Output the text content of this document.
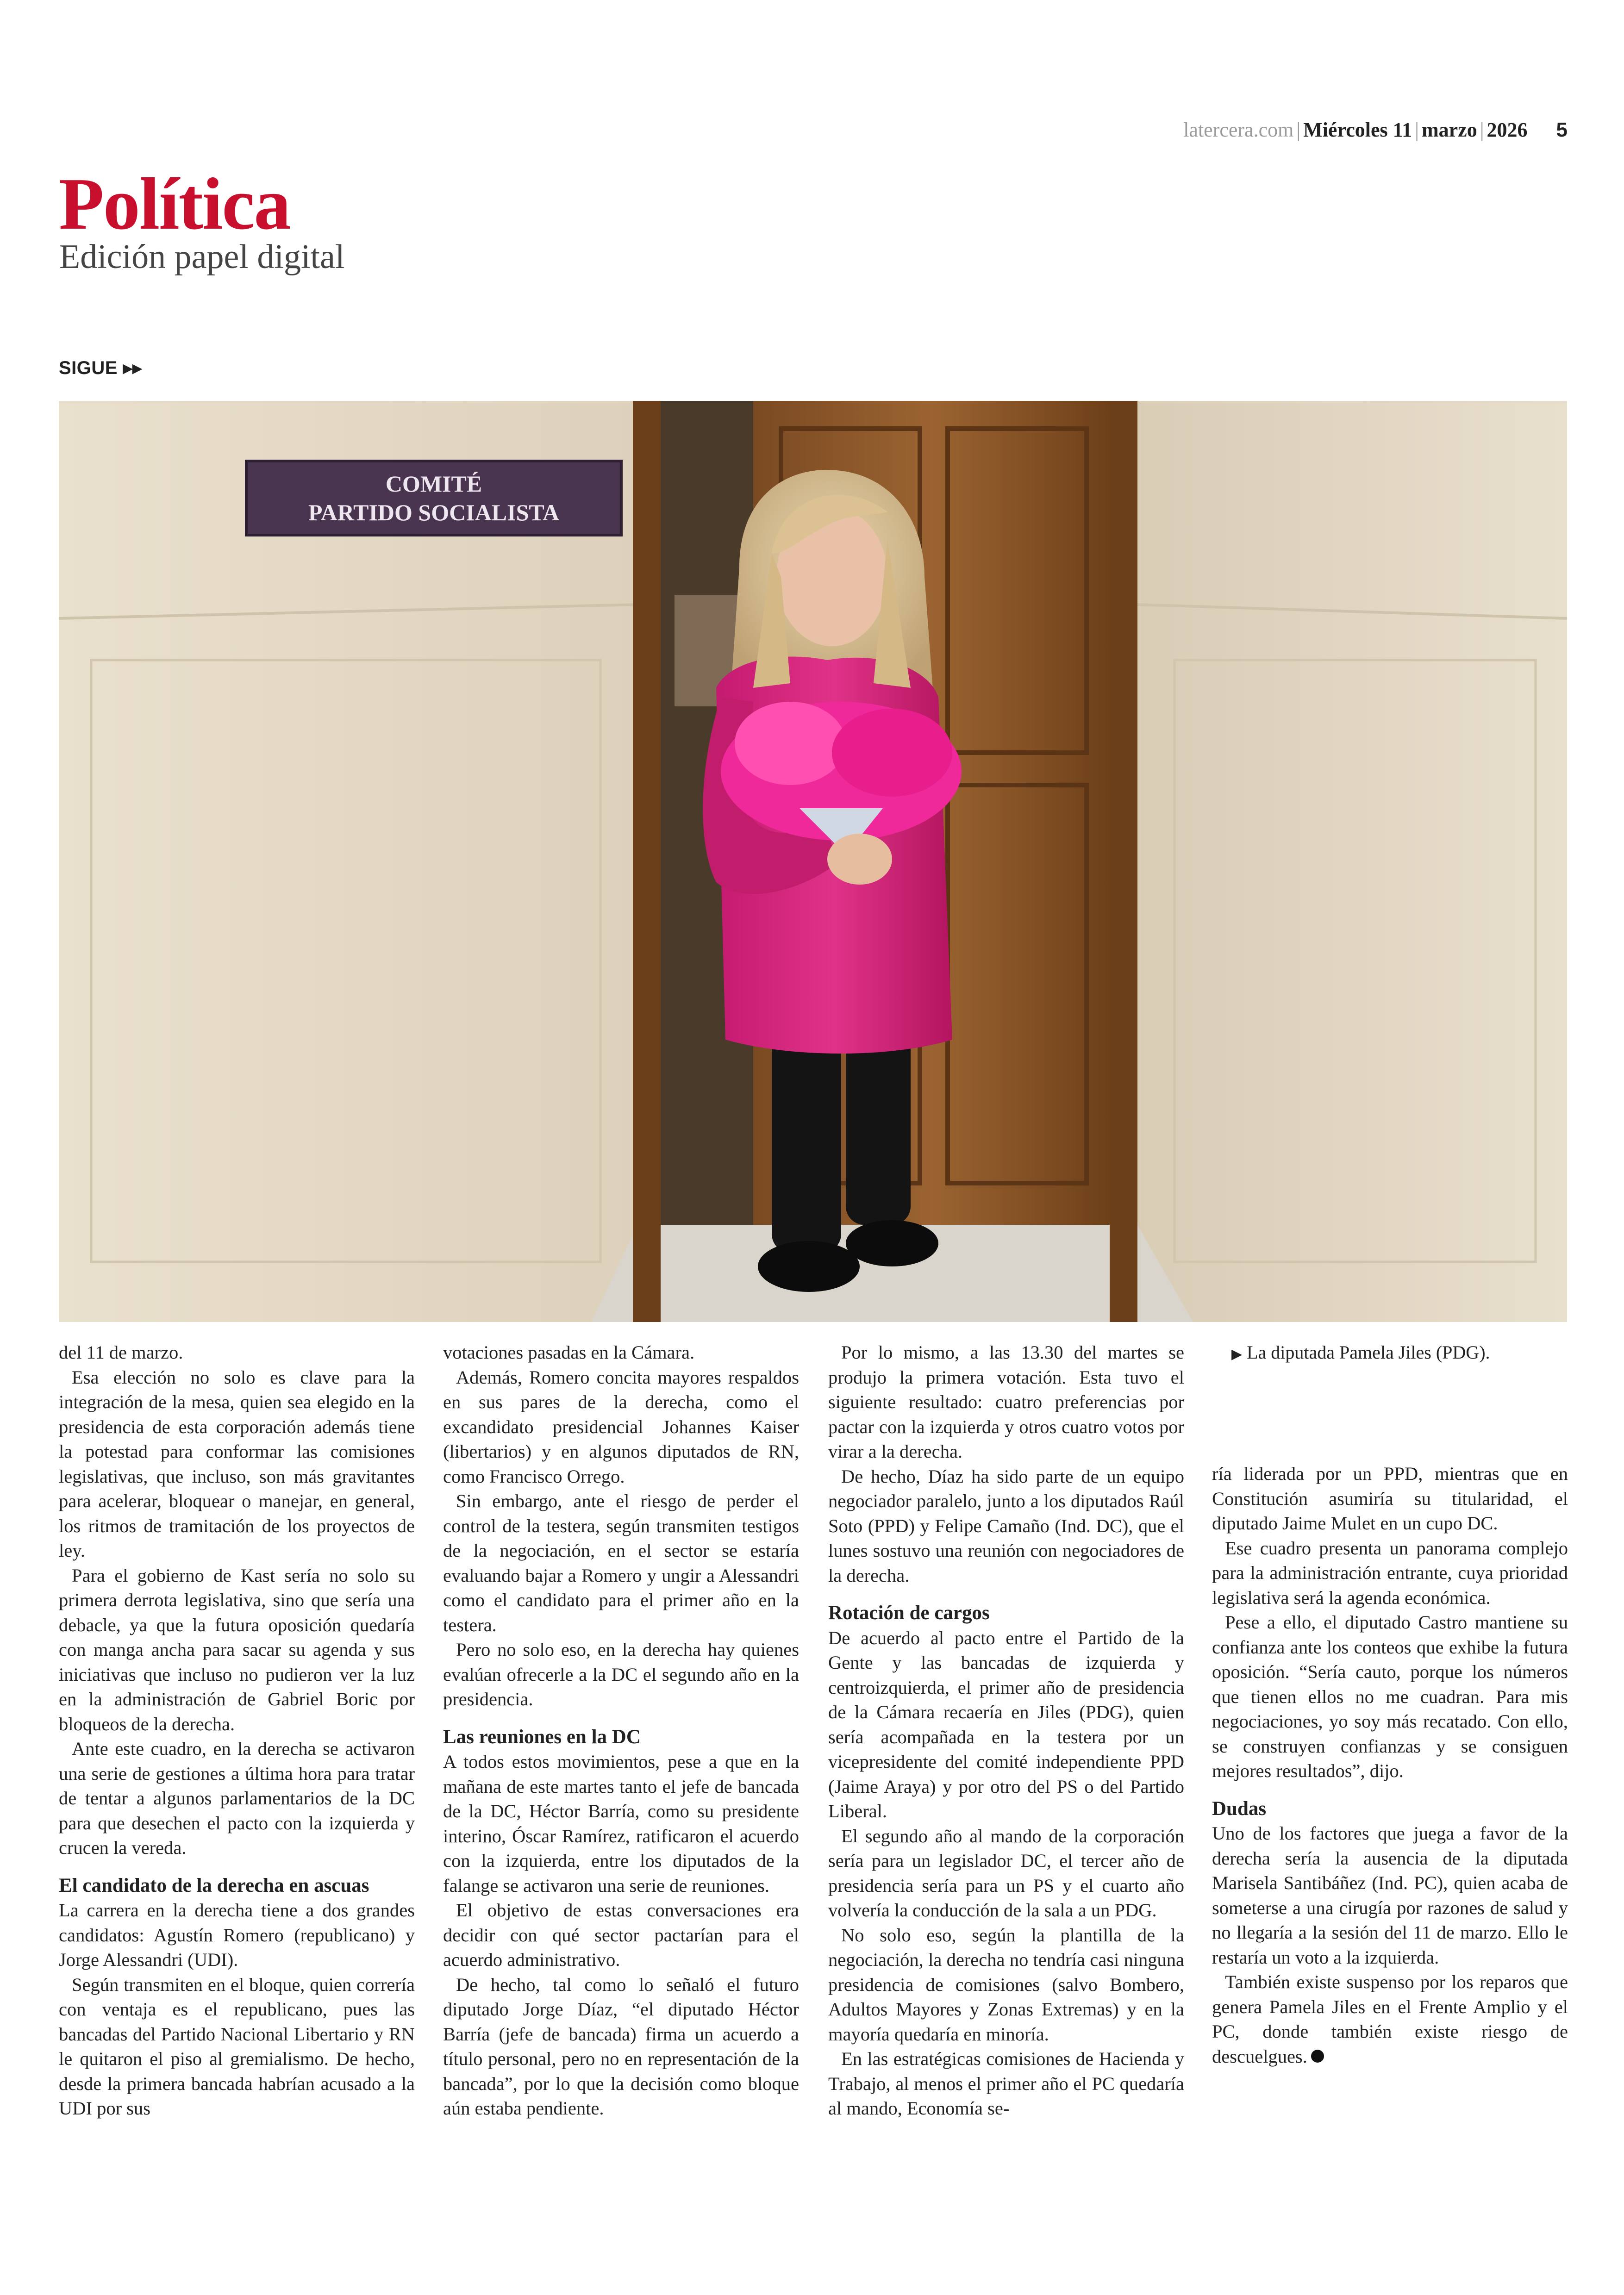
latercera.com | Miércoles 11 | marzo | 2026 5
Política
Edición papel digital
SIGUE ▸▸
COMITÉ
PARTIDO SOCIALISTA
▶ La diputada Pamela Jiles (PDG).

del 11 de marzo.

Esa elección no solo es clave para la integración de la mesa, quien sea elegido en la presidencia de esta corporación además tiene la potestad para conformar las comisiones legislativas, que incluso, son más gravitantes para acelerar, bloquear o manejar, en general, los ritmos de tramitación de los proyectos de ley.

Para el gobierno de Kast sería no solo su primera derrota legislativa, sino que sería una debacle, ya que la futura oposición quedaría con manga ancha para sacar su agenda y sus iniciativas que incluso no pudieron ver la luz en la administración de Gabriel Boric por bloqueos de la derecha.

Ante este cuadro, en la derecha se activaron una serie de gestiones a última hora para tratar de tentar a algunos parlamentarios de la DC para que desechen el pacto con la izquierda y crucen la vereda.

El candidato de la derecha en ascuas

La carrera en la derecha tiene a dos grandes candidatos: Agustín Romero (republicano) y Jorge Alessandri (UDI).

Según transmiten en el bloque, quien correría con ventaja es el republicano, pues las bancadas del Partido Nacional Libertario y RN le quitaron el piso al gremialismo. De hecho, desde la primera bancada habrían acusado a la UDI por sus

votaciones pasadas en la Cámara.

Además, Romero concita mayores respaldos en sus pares de la derecha, como el excandidato presidencial Johannes Kaiser (libertarios) y en algunos diputados de RN, como Francisco Orrego.

Sin embargo, ante el riesgo de perder el control de la testera, según transmiten testigos de la negociación, en el sector se estaría evaluando bajar a Romero y ungir a Alessandri como el candidato para el primer año en la testera.

Pero no solo eso, en la derecha hay quienes evalúan ofrecerle a la DC el segundo año en la presidencia.

Las reuniones en la DC

A todos estos movimientos, pese a que en la mañana de este martes tanto el jefe de bancada de la DC, Héctor Barría, como su presidente interino, Óscar Ramírez, ratificaron el acuerdo con la izquierda, entre los diputados de la falange se activaron una serie de reuniones.

El objetivo de estas conversaciones era decidir con qué sector pactarían para el acuerdo administrativo.

De hecho, tal como lo señaló el futuro diputado Jorge Díaz, “el diputado Héctor Barría (jefe de bancada) firma un acuerdo a título personal, pero no en representación de la bancada”, por lo que la decisión como bloque aún estaba pendiente.

Por lo mismo, a las 13.30 del martes se produjo la primera votación. Esta tuvo el siguiente resultado: cuatro preferencias por pactar con la izquierda y otros cuatro votos por virar a la derecha.

De hecho, Díaz ha sido parte de un equipo negociador paralelo, junto a los diputados Raúl Soto (PPD) y Felipe Camaño (Ind. DC), que el lunes sostuvo una reunión con negociadores de la derecha.

Rotación de cargos

De acuerdo al pacto entre el Partido de la Gente y las bancadas de izquierda y centroizquierda, el primer año de presidencia de la Cámara recaería en Jiles (PDG), quien sería acompañada en la testera por un vicepresidente del comité independiente PPD (Jaime Araya) y por otro del PS o del Partido Liberal.

El segundo año al mando de la corporación sería para un legislador DC, el tercer año de presidencia sería para un PS y el cuarto año volvería la conducción de la sala a un PDG.

No solo eso, según la plantilla de la negociación, la derecha no tendría casi ninguna presidencia de comisiones (salvo Bombero, Adultos Mayores y Zonas Extremas) y en la mayoría quedaría en minoría.

En las estratégicas comisiones de Hacienda y Trabajo, al menos el primer año el PC quedaría al mando, Economía se-

ría liderada por un PPD, mientras que en Constitución asumiría su titularidad, el diputado Jaime Mulet en un cupo DC.

Ese cuadro presenta un panorama complejo para la administración entrante, cuya prioridad legislativa será la agenda económica.

Pese a ello, el diputado Castro mantiene su confianza ante los conteos que exhibe la futura oposición. “Sería cauto, porque los números que tienen ellos no me cuadran. Para mis negociaciones, yo soy más recatado. Con ello, se construyen confianzas y se consiguen mejores resultados”, dijo.

Dudas

Uno de los factores que juega a favor de la derecha sería la ausencia de la diputada Marisela Santibáñez (Ind. PC), quien acaba de someterse a una cirugía por razones de salud y no llegaría a la sesión del 11 de marzo. Ello le restaría un voto a la izquierda.

También existe suspenso por los reparos que genera Pamela Jiles en el Frente Amplio y el PC, donde también existe riesgo de descuelgues.
